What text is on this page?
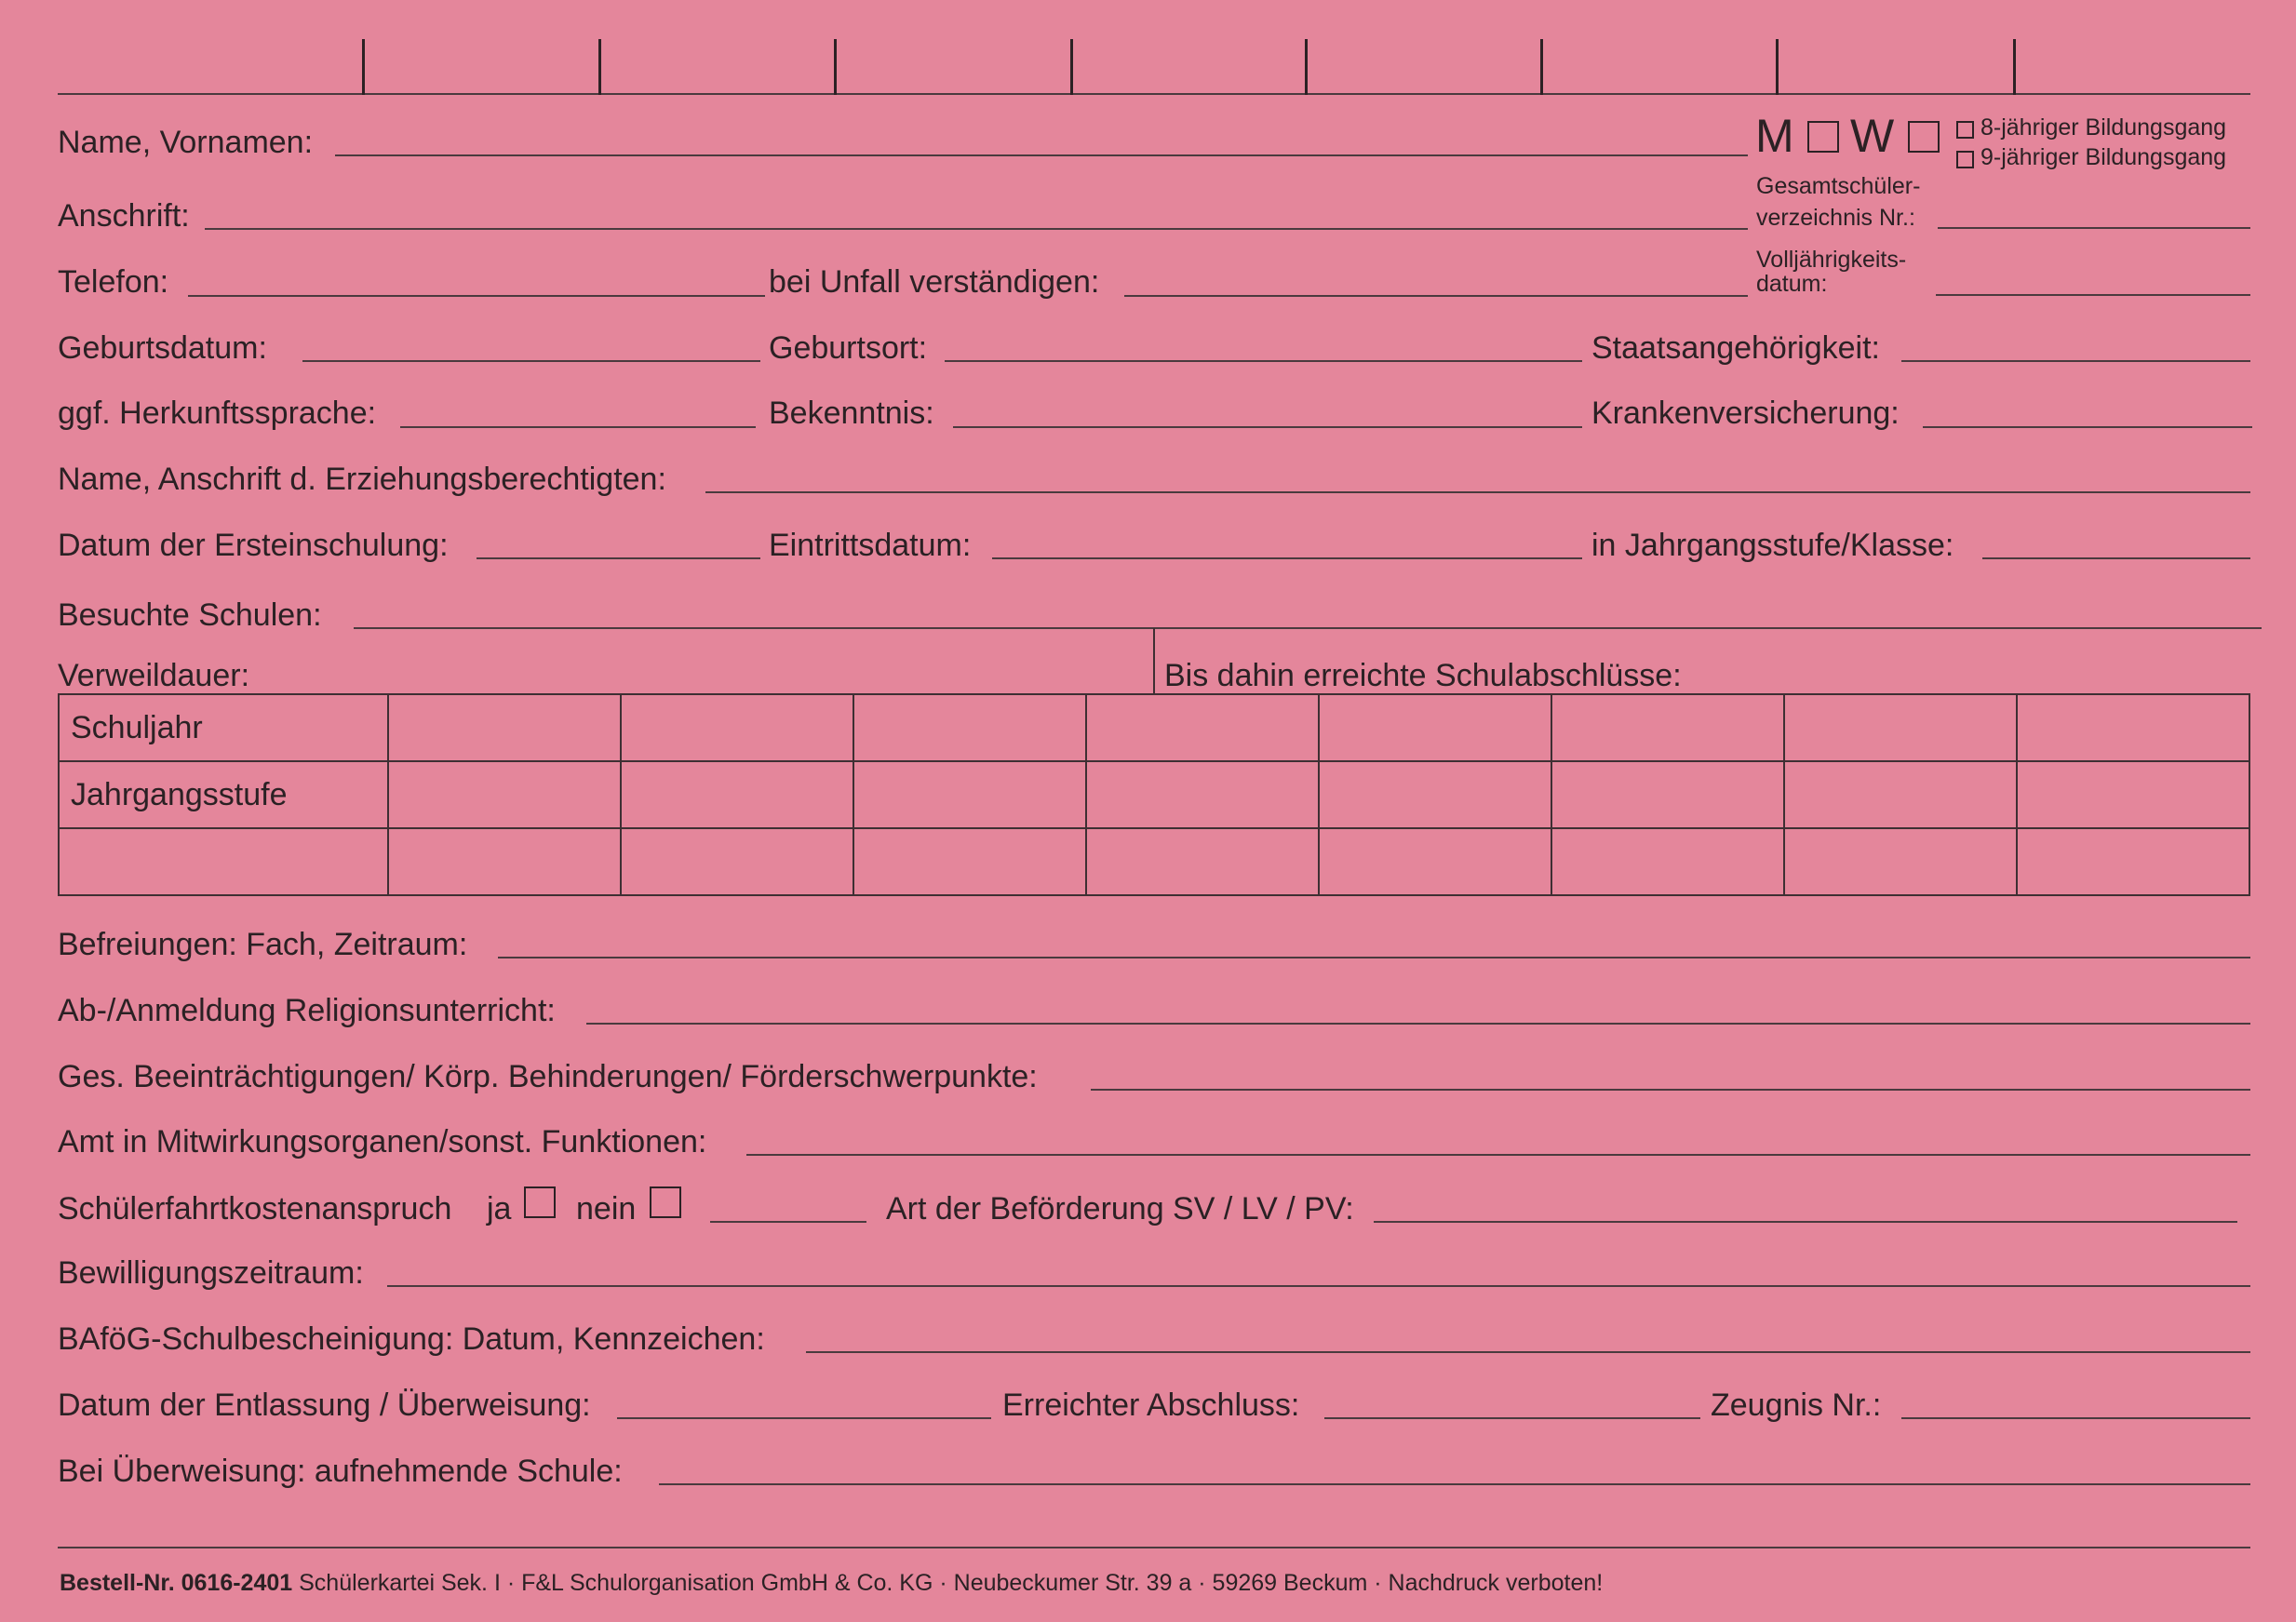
Name, Vornamen:	M W	8-jähriger Bildungsgang
9-jähriger Bildungsgang
Anschrift:
Gesamtschüler-
verzeichnis Nr.:
Telefon:	bei Unfall verständigen:
Volljährigkeits-
datum:
Geburtsdatum:	Geburtsort:	Staatsangehörigkeit:
ggf. Herkunftssprache:	Bekenntnis:	Krankenversicherung:
Name, Anschrift d. Erziehungsberechtigten:
Datum der Ersteinschulung:	Eintrittsdatum:	in Jahrgangsstufe/Klasse:
Besuchte Schulen:
Verweildauer:	Bis dahin erreichte Schulabschlüsse:
Schuljahr								
Jahrgangsstufe								

Befreiungen: Fach, Zeitraum:
Ab-/Anmeldung Religionsunterricht:
Ges. Beeinträchtigungen/ Körp. Behinderungen/ Förderschwerpunkte:
Amt in Mitwirkungsorganen/sonst. Funktionen:
Schülerfahrtkostenanspruch ja nein	Art der Beförderung SV / LV / PV:
Bewilligungszeitraum:
BAföG-Schulbescheinigung: Datum, Kennzeichen:
Datum der Entlassung / Überweisung:	Erreichter Abschluss:	Zeugnis Nr.:
Bei Überweisung: aufnehmende Schule:
Bestell-Nr. 0616-2401 Schülerkartei Sek. I · F&L Schulorganisation GmbH & Co. KG · Neubeckumer Str. 39 a · 59269 Beckum · Nachdruck verboten!
